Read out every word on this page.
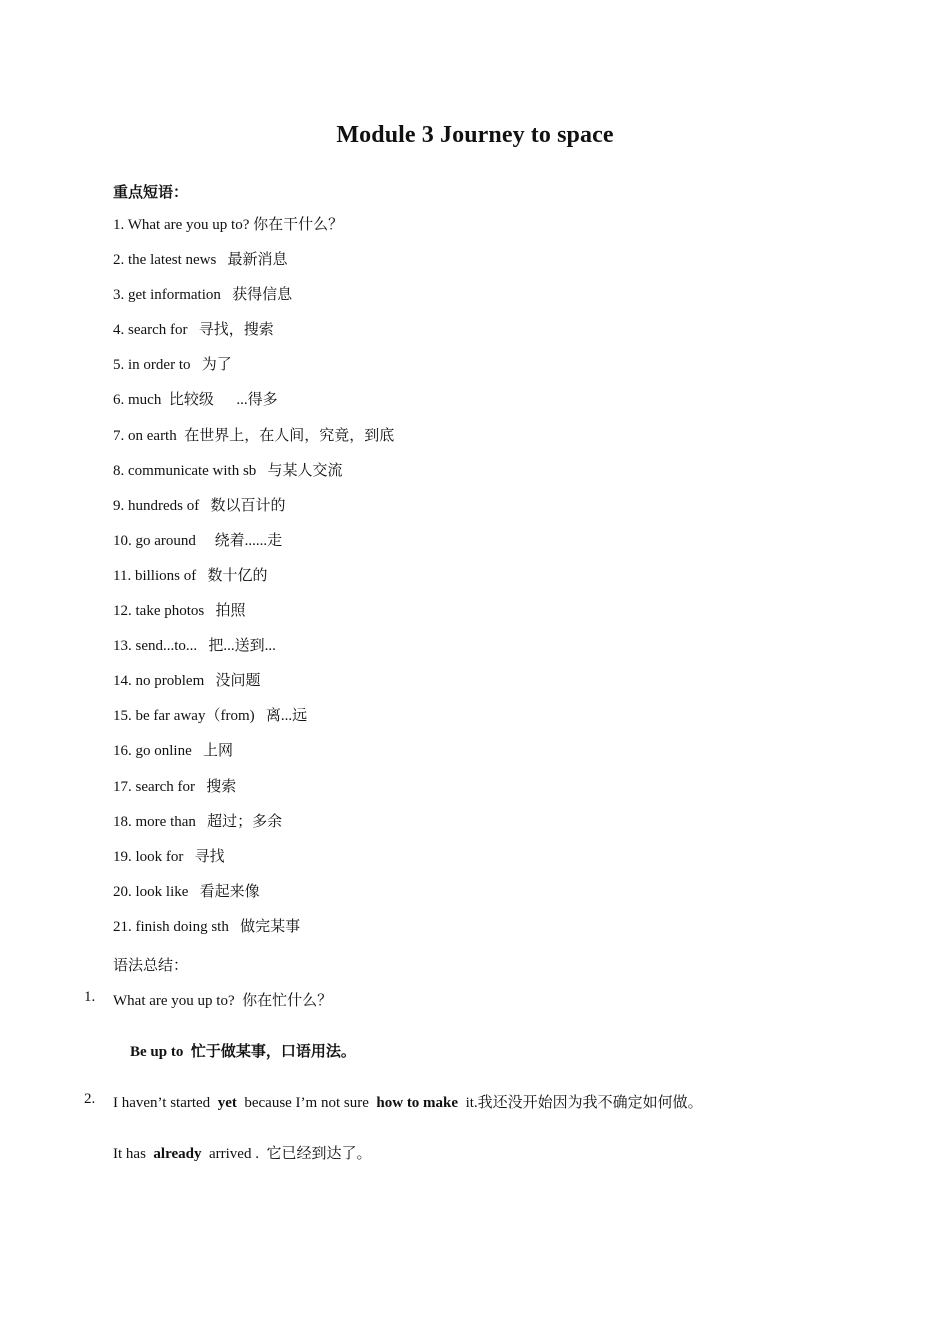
Module 3 Journey to space
重点短语：
1. What are you up to? 你在干什么？
2. the latest news   最新消息
3. get information   获得信息
4. search for   寻找，搜索
5. in order to   为了
6. much  比较级      ...得多
7. on earth  在世界上，在人间，究竟，到底
8. communicate with sb   与某人交流
9. hundreds of   数以百计的
10. go around     绕着......走
11. billions of   数十亿的
12. take photos   拍照
13. send...to...   把...送到...
14. no problem   没问题
15. be far away（from)   离...远
16. go online   上网
17. search for   搜索
18. more than   超过；多余
19. look for   寻找
20. look like   看起来像
21. finish doing sth   做完某事
语法总结：
1. What are you up to?  你在忙什么？
Be up to  忙于做某事，口语用法。
2. I haven’t started  yet  because I’m not sure  how to make  it.我还没开始因为我不确定如何做。
It has  already  arrived .  它已经到达了。
